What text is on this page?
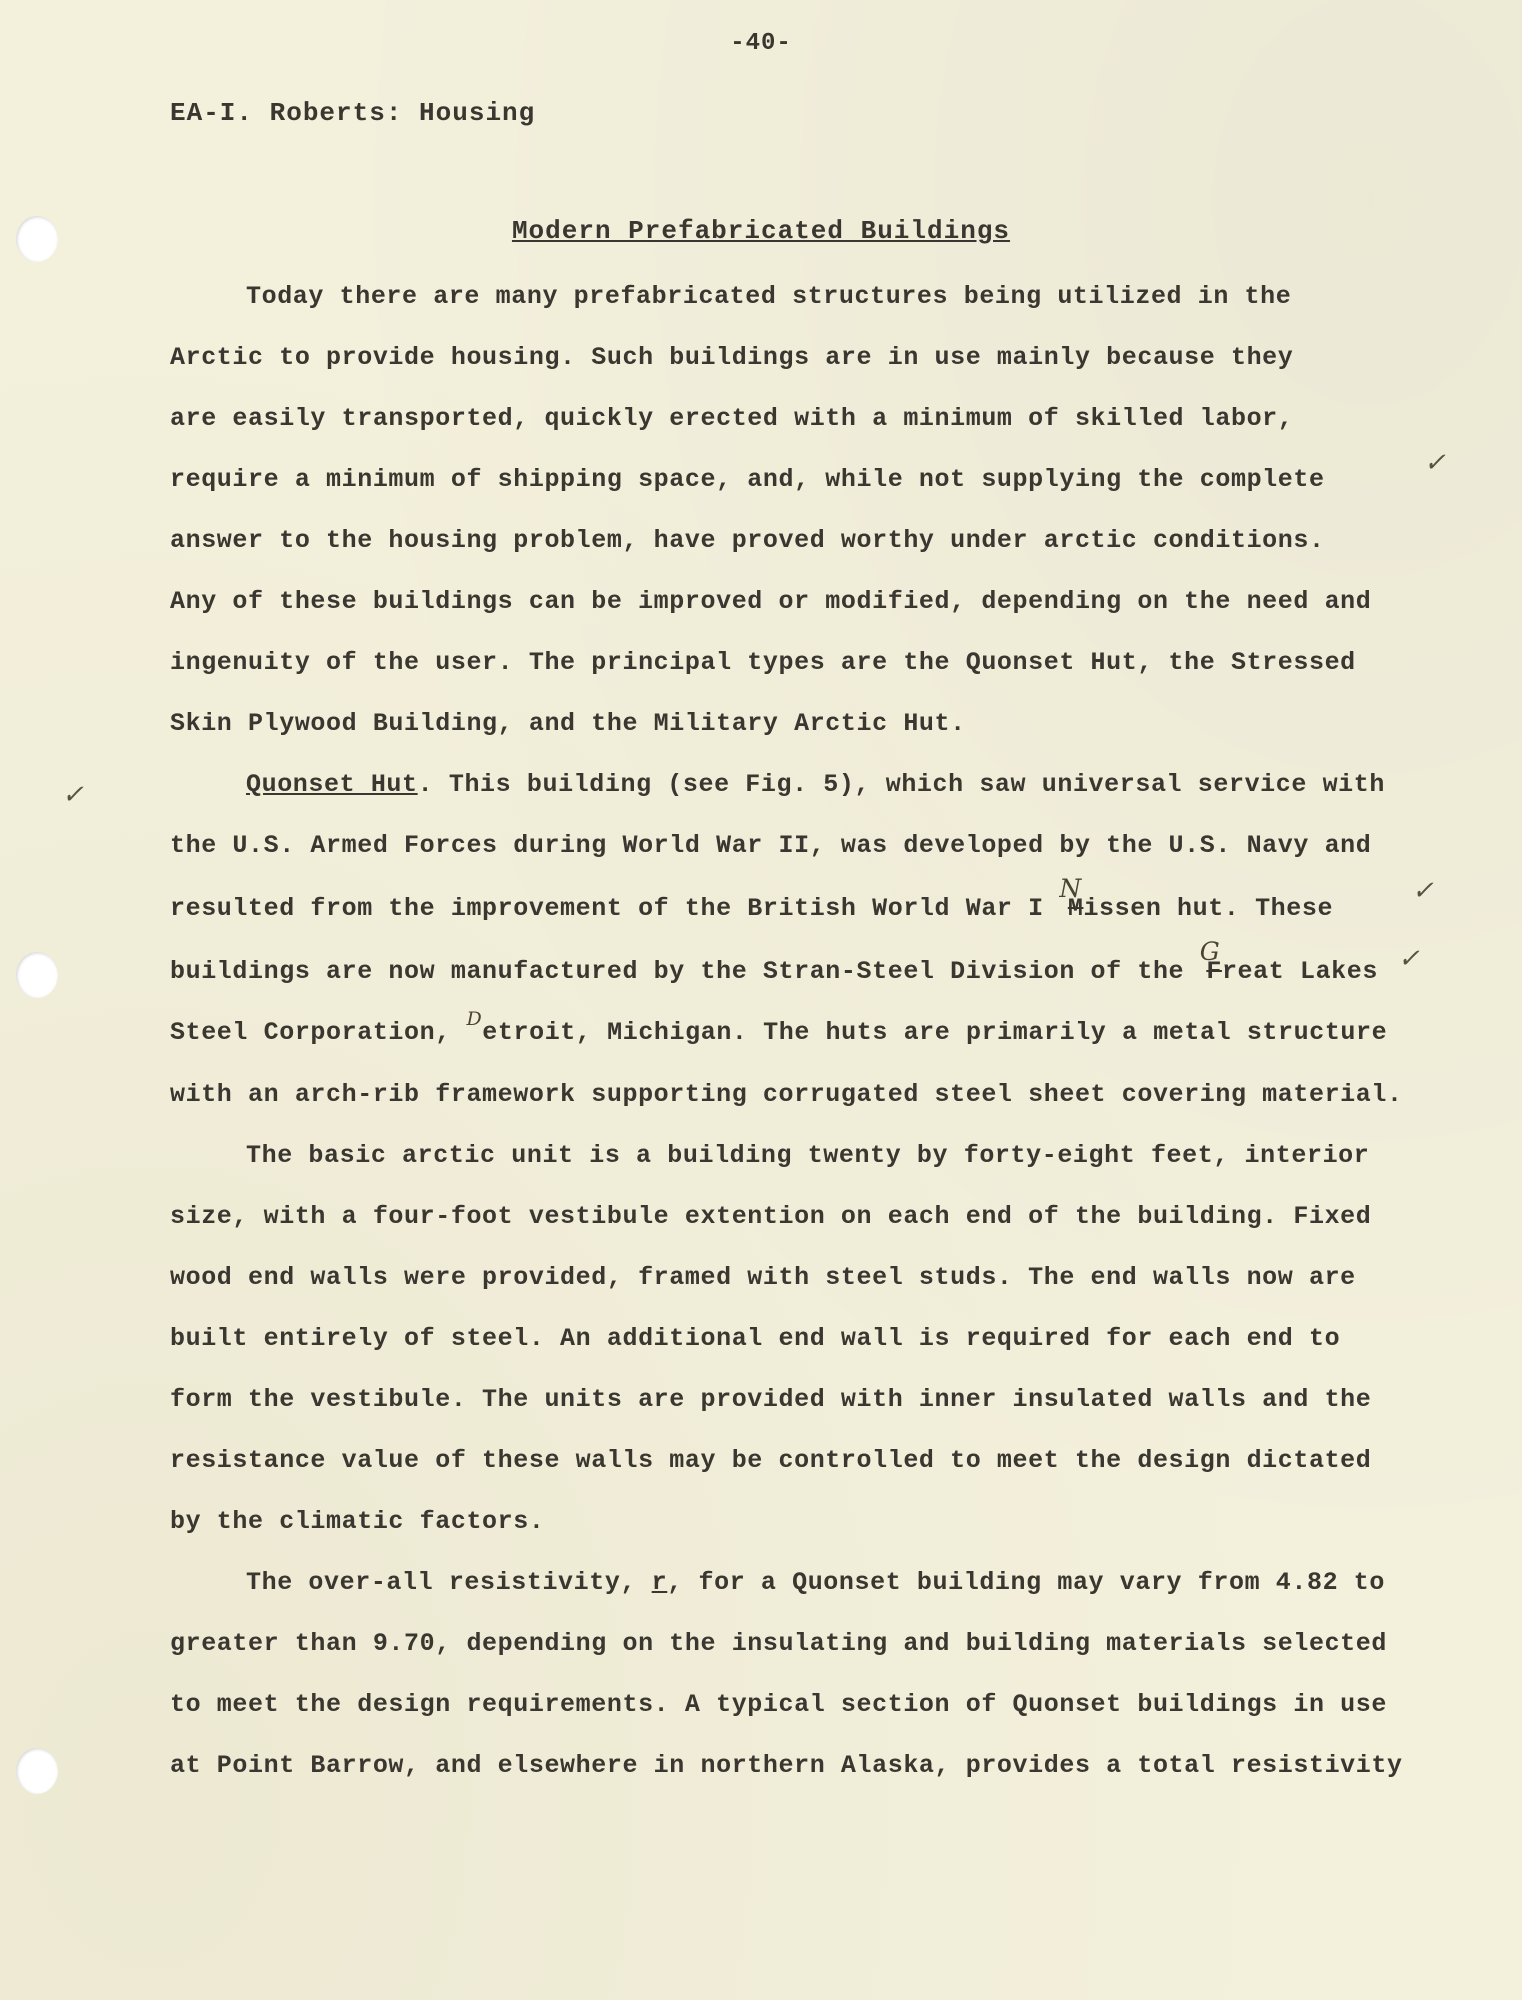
-40-
EA-I. Roberts: Housing
Modern Prefabricated Buildings
✓
✓
✓
✓
Today there are many prefabricated structures being utilized in the
Arctic to provide housing. Such buildings are in use mainly because they
are easily transported, quickly erected with a minimum of skilled labor,
require a minimum of shipping space, and, while not supplying the complete
answer to the housing problem, have proved worthy under arctic conditions.
Any of these buildings can be improved or modified, depending on the need and
ingenuity of the user. The principal types are the Quonset Hut, the Stressed
Skin Plywood Building, and the Military Arctic Hut.
Quonset Hut. This building (see Fig. 5), which saw universal service with
the U.S. Armed Forces during World War II, was developed by the U.S. Navy and
resulted from the improvement of the British World War I NMissen hut. These
buildings are now manufactured by the Stran-Steel Division of the GFreat Lakes
Steel Corporation, $^D$etroit, Michigan. The huts are primarily a metal structure
with an arch-rib framework supporting corrugated steel sheet covering material.
The basic arctic unit is a building twenty by forty-eight feet, interior
size, with a four-foot vestibule extention on each end of the building. Fixed
wood end walls were provided, framed with steel studs. The end walls now are
built entirely of steel. An additional end wall is required for each end to
form the vestibule. The units are provided with inner insulated walls and the
resistance value of these walls may be controlled to meet the design dictated
by the climatic factors.
The over-all resistivity, r, for a Quonset building may vary from 4.82 to
greater than 9.70, depending on the insulating and building materials selected
to meet the design requirements. A typical section of Quonset buildings in use
at Point Barrow, and elsewhere in northern Alaska, provides a total resistivity
